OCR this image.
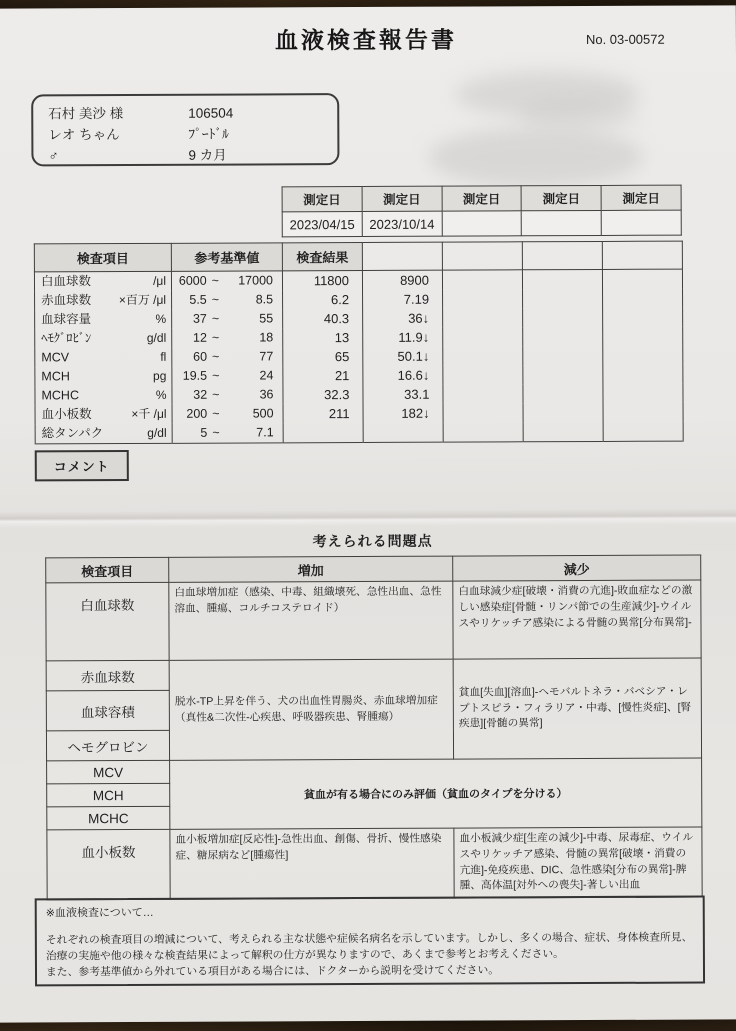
血液検査報告書	No. 03-00572
石村 美沙 様	106504
レオ ちゃん	ﾌﾟｰﾄﾞﾙ
♂	9 カ月
測定日	測定日	測定日	測定日	測定日
2023/04/15	2023/10/14			
検査項目	参考基準値	検査結果				

白血球数 /μl	6000 ~ 17000	11800	8900			

赤血球数 ×百万 /μl	5.5 ~ 8.5	6.2	7.19			

血球容量 %	37 ~ 55	40.3	36↓			

ﾍﾓｸﾞﾛﾋﾞﾝ g/dl	12 ~ 18	13	11.9↓			

MCV fl	60 ~ 77	65	50.1↓			

MCH pg	19.5 ~ 24	21	16.6↓			

MCHC %	32 ~ 36	32.3	33.1			

血小板数 ×千 /μl	200 ~ 500	211	182↓			

総タンパク g/dl	5 ~ 7.1					

コメント
考えられる問題点
検査項目	増加	減少
白血球数	白血球増加症（感染、中毒、組織壊死、急性出血、急性溶血、腫瘍、コルチコステロイド）	白血球減少症[破壊・消費の亢進]-敗血症などの激しい感染症[骨髄・リンパ節での生産減少]-ウイルスやリケッチア感染による骨髄の異常[分布異常]-
赤血球数	脱水-TP上昇を伴う、犬の出血性胃腸炎、赤血球増加症（真性&二次性-心疾患、呼吸器疾患、腎腫瘍）	貧血[失血][溶血]-ヘモバルトネラ・バベシア・レプトスピラ・フィラリア・中毒、[慢性炎症]、[腎疾患][骨髄の異常]
血球容積		
ヘモグロビン		
MCV	貧血が有る場合にのみ評価（貧血のタイプを分ける）	
MCH		
MCHC		
血小板数	血小板増加症[反応性]-急性出血、創傷、骨折、慢性感染症、糖尿病など[腫瘍性]	血小板減少症[生産の減少]-中毒、尿毒症、ウイルスやリケッチア感染、骨髄の異常[破壊・消費の亢進]-免疫疾患、DIC、急性感染[分布の異常]-脾腫、高体温[対外への喪失]-著しい出血
※血液検査について…

それぞれの検査項目の増減について、考えられる主な状態や症候名病名を示しています。しかし、多くの場合、症状、身体検査所見、治療の実施や他の様々な検査結果によって解釈の仕方が異なりますので、あくまで参考とお考えください。

また、参考基準値から外れている項目がある場合には、ドクターから説明を受けてください。
